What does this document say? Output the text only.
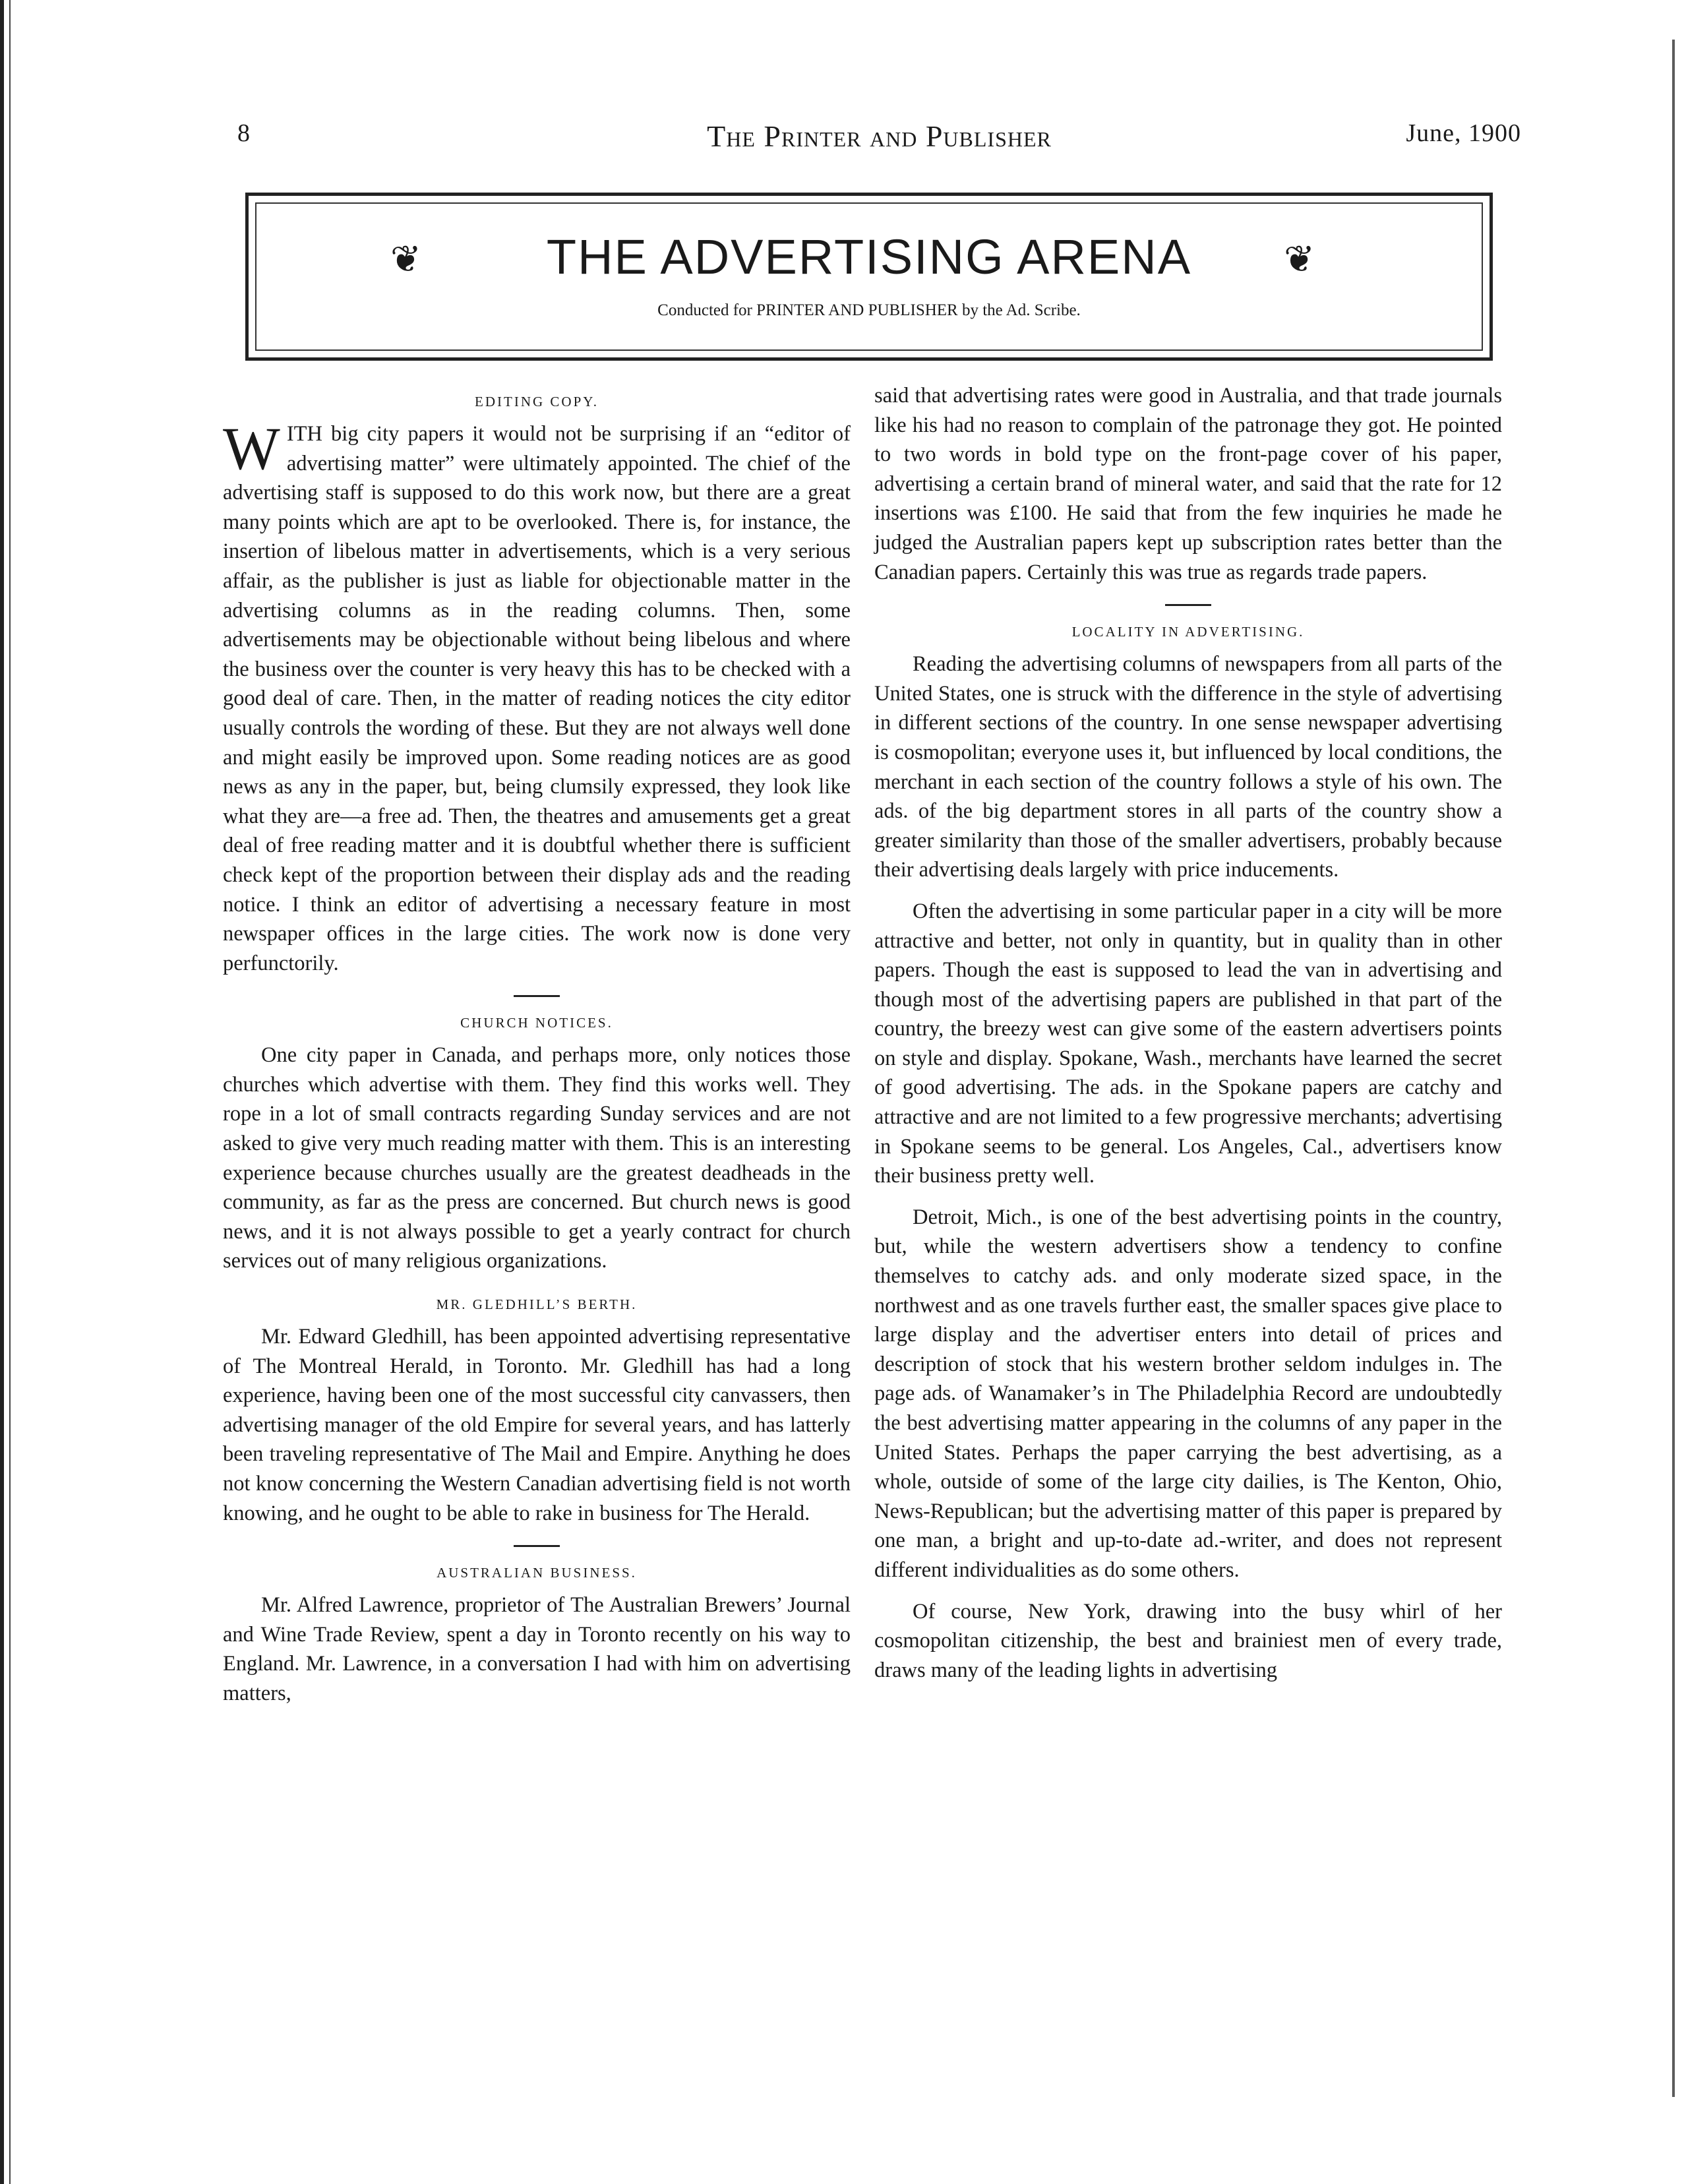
8	The Printer and Publisher	June, 1900
❦	THE ADVERTISING ARENA	❦
Conducted for PRINTER AND PUBLISHER by the Ad. Scribe.
EDITING COPY.

WITH big city papers it would not be surprising if an “editor of advertising matter” were ultimately appointed. The chief of the advertising staff is supposed to do this work now, but there are a great many points which are apt to be overlooked. There is, for instance, the insertion of libelous matter in advertisements, which is a very serious affair, as the publisher is just as liable for objectionable matter in the advertising columns as in the reading columns. Then, some advertisements may be objectionable without being libelous and where the business over the counter is very heavy this has to be checked with a good deal of care. Then, in the matter of reading notices the city editor usually controls the wording of these. But they are not always well done and might easily be improved upon. Some reading notices are as good news as any in the paper, but, being clumsily expressed, they look like what they are—a free ad. Then, the theatres and amusements get a great deal of free reading matter and it is doubtful whether there is sufficient check kept of the proportion between their display ads and the reading notice. I think an editor of advertising a necessary feature in most newspaper offices in the large cities. The work now is done very perfunctorily.

CHURCH NOTICES.

One city paper in Canada, and perhaps more, only notices those churches which advertise with them. They find this works well. They rope in a lot of small contracts regarding Sunday services and are not asked to give very much reading matter with them. This is an interesting experience because churches usually are the greatest deadheads in the community, as far as the press are concerned. But church news is good news, and it is not always possible to get a yearly contract for church services out of many religious organizations.

MR. GLEDHILL’S BERTH.

Mr. Edward Gledhill, has been appointed advertising representative of The Montreal Herald, in Toronto. Mr. Gledhill has had a long experience, having been one of the most successful city canvassers, then advertising manager of the old Empire for several years, and has latterly been traveling representative of The Mail and Empire. Anything he does not know concerning the Western Canadian advertising field is not worth knowing, and he ought to be able to rake in business for The Herald.

AUSTRALIAN BUSINESS.

Mr. Alfred Lawrence, proprietor of The Australian Brewers’ Journal and Wine Trade Review, spent a day in Toronto recently on his way to England. Mr. Lawrence, in a conversation I had with him on advertising matters,

said that advertising rates were good in Australia, and that trade journals like his had no reason to complain of the patronage they got. He pointed to two words in bold type on the front-page cover of his paper, advertising a certain brand of mineral water, and said that the rate for 12 insertions was £100. He said that from the few inquiries he made he judged the Australian papers kept up subscription rates better than the Canadian papers. Certainly this was true as regards trade papers.

LOCALITY IN ADVERTISING.

Reading the advertising columns of newspapers from all parts of the United States, one is struck with the difference in the style of advertising in different sections of the country. In one sense newspaper advertising is cosmopolitan; everyone uses it, but influenced by local conditions, the merchant in each section of the country follows a style of his own. The ads. of the big department stores in all parts of the country show a greater similarity than those of the smaller advertisers, probably because their advertising deals largely with price inducements.

Often the advertising in some particular paper in a city will be more attractive and better, not only in quantity, but in quality than in other papers. Though the east is supposed to lead the van in advertising and though most of the advertising papers are published in that part of the country, the breezy west can give some of the eastern advertisers points on style and display. Spokane, Wash., merchants have learned the secret of good advertising. The ads. in the Spokane papers are catchy and attractive and are not limited to a few progressive merchants; advertising in Spokane seems to be general. Los Angeles, Cal., advertisers know their business pretty well.

Detroit, Mich., is one of the best advertising points in the country, but, while the western advertisers show a tendency to confine themselves to catchy ads. and only moderate sized space, in the northwest and as one travels further east, the smaller spaces give place to large display and the advertiser enters into detail of prices and description of stock that his western brother seldom indulges in. The page ads. of Wanamaker’s in The Philadelphia Record are undoubtedly the best advertising matter appearing in the columns of any paper in the United States. Perhaps the paper carrying the best advertising, as a whole, outside of some of the large city dailies, is The Kenton, Ohio, News-Republican; but the advertising matter of this paper is prepared by one man, a bright and up-to-date ad.-writer, and does not represent different individualities as do some others.

Of course, New York, drawing into the busy whirl of her cosmopolitan citizenship, the best and brainiest men of every trade, draws many of the leading lights in advertising
